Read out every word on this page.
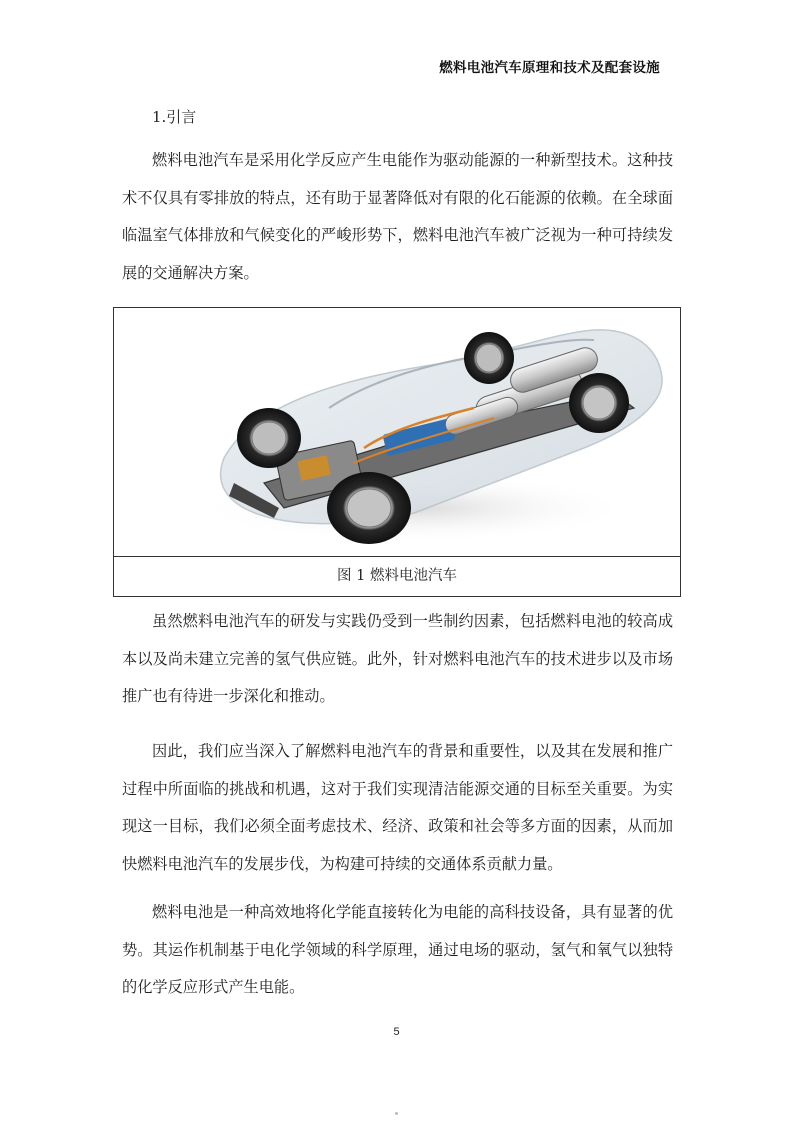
燃料电池汽车原理和技术及配套设施
1.引言

燃料电池汽车是采用化学反应产生电能作为驱动能源的一种新型技术。这种技术不仅具有零排放的特点，还有助于显著降低对有限的化石能源的依赖。在全球面临温室气体排放和气候变化的严峻形势下，燃料电池汽车被广泛视为一种可持续发展的交通解决方案。

图 1 燃料电池汽车

虽然燃料电池汽车的研发与实践仍受到一些制约因素，包括燃料电池的较高成本以及尚未建立完善的氢气供应链。此外，针对燃料电池汽车的技术进步以及市场推广也有待进一步深化和推动。

因此，我们应当深入了解燃料电池汽车的背景和重要性，以及其在发展和推广过程中所面临的挑战和机遇，这对于我们实现清洁能源交通的目标至关重要。为实现这一目标，我们必须全面考虑技术、经济、政策和社会等多方面的因素，从而加快燃料电池汽车的发展步伐，为构建可持续的交通体系贡献力量。

燃料电池是一种高效地将化学能直接转化为电能的高科技设备，具有显著的优势。其运作机制基于电化学领域的科学原理，通过电场的驱动，氢气和氧气以独特的化学反应形式产生电能。

5
